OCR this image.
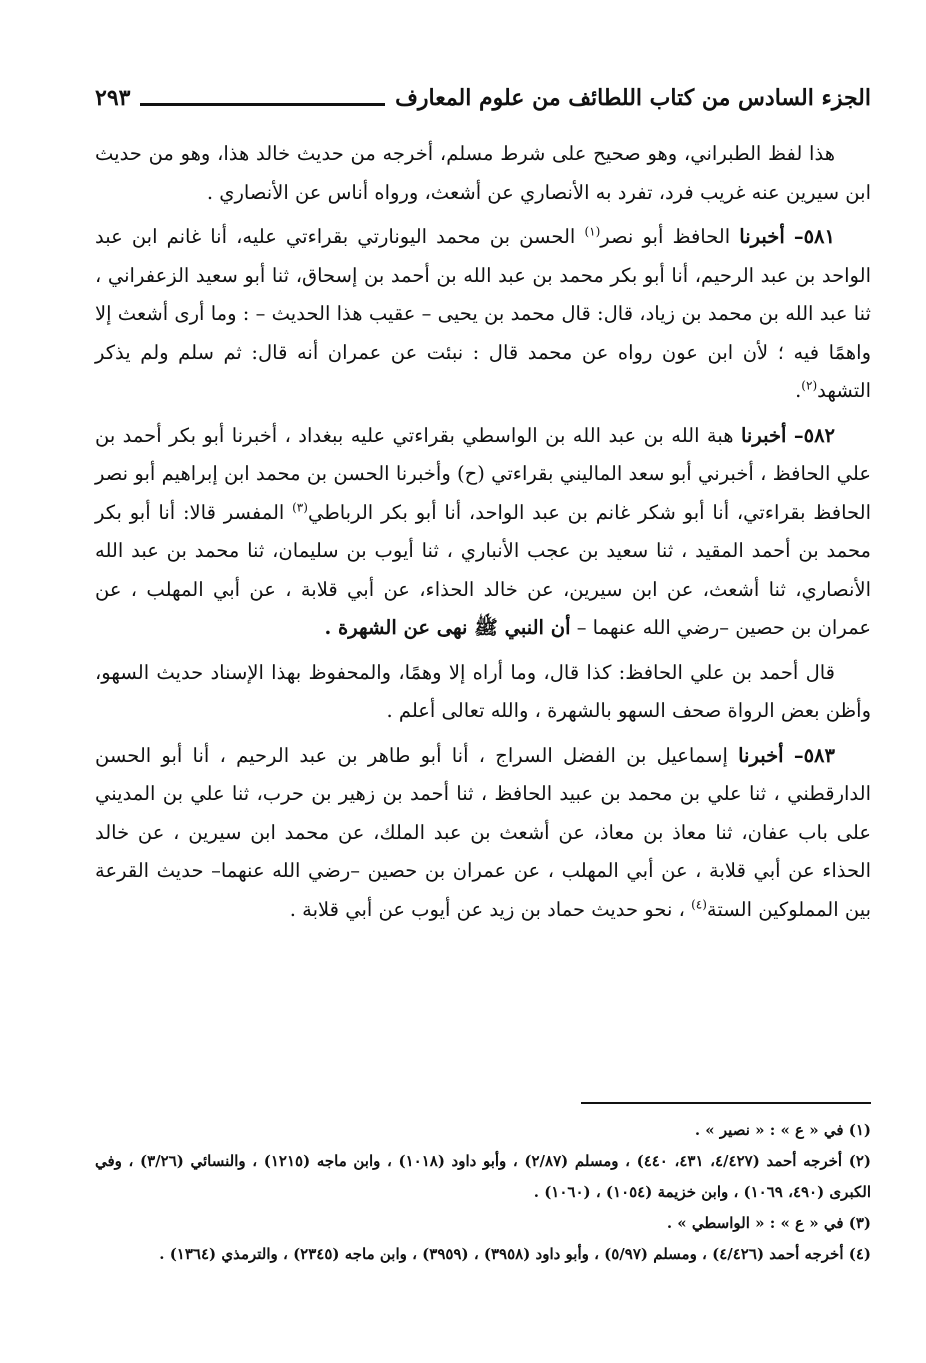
الجزء السادس من كتاب اللطائف من علوم المعارف
٢٩٣

هذا لفظ الطبراني، وهو صحيح على شرط مسلم، أخرجه من حديث خالد هذا، وهو من حديث ابن سيرين عنه غريب فرد، تفرد به الأنصاري عن أشعث، ورواه أناس عن الأنصاري .

٥٨١– أخبرنا الحافظ أبو نصر$^{(١)}$ الحسن بن محمد اليونارتي بقراءتي عليه، أنا غانم ابن عبد الواحد بن عبد الرحيم، أنا أبو بكر محمد بن عبد الله بن أحمد بن إسحاق، ثنا أبو سعيد الزعفراني ، ثنا عبد الله بن محمد بن زياد، قال: قال محمد بن يحيى – عقيب هذا الحديث – : وما أرى أشعث إلا واهمًا فيه ؛ لأن ابن عون رواه عن محمد قال : نبئت عن عمران أنه قال: ثم سلم ولم يذكر التشهد$^{(٢)}$.

٥٨٢– أخبرنا هبة الله بن عبد الله بن الواسطي بقراءتي عليه ببغداد ، أخبرنا أبو بكر أحمد بن علي الحافظ ، أخبرني أبو سعد الماليني بقراءتي (ح) وأخبرنا الحسن بن محمد ابن إبراهيم أبو نصر الحافظ بقراءتي، أنا أبو شكر غانم بن عبد الواحد، أنا أبو بكر الرباطي$^{(٣)}$ المفسر قالا: أنا أبو بكر محمد بن أحمد المقيد ، ثنا سعيد بن عجب الأنباري ، ثنا أيوب بن سليمان، ثنا محمد بن عبد الله الأنصاري، ثنا أشعث، عن ابن سيرين، عن خالد الحذاء، عن أبي قلابة ، عن أبي المهلب ، عن عمران بن حصين –رضي الله عنهما – أن النبي ﷺ نهى عن الشهرة .

قال أحمد بن علي الحافظ: كذا قال، وما أراه إلا وهمًا، والمحفوظ بهذا الإسناد حديث السهو، وأظن بعض الرواة صحف السهو بالشهرة ، والله تعالى أعلم .

٥٨٣– أخبرنا إسماعيل بن الفضل السراج ، أنا أبو طاهر بن عبد الرحيم ، أنا أبو الحسن الدارقطني ، ثنا علي بن محمد بن عبيد الحافظ ، ثنا أحمد بن زهير بن حرب، ثنا علي بن المديني على باب عفان، ثنا معاذ بن معاذ، عن أشعث بن عبد الملك، عن محمد ابن سيرين ، عن خالد الحذاء عن أبي قلابة ، عن أبي المهلب ، عن عمران بن حصين –رضي الله عنهما– حديث القرعة بين المملوكين الستة$^{(٤)}$ ، نحو حديث حماد بن زيد عن أيوب عن أبي قلابة .

(١) في « ع » : « نصير » .

(٢) أخرجه أحمد (٤/٤٢٧، ٤٣١، ٤٤٠) ، ومسلم (٢/٨٧) ، وأبو داود (١٠١٨) ، وابن ماجه (١٢١٥) ، والنسائي (٣/٢٦) ، وفي الكبرى (٤٩٠، ١٠٦٩) ، وابن خزيمة (١٠٥٤) ، (١٠٦٠) .

(٣) في « ع » : « الواسطي » .

(٤) أخرجه أحمد (٤/٤٢٦) ، ومسلم (٥/٩٧) ، وأبو داود (٣٩٥٨) ، (٣٩٥٩) ، وابن ماجه (٢٣٤٥) ، والترمذي (١٣٦٤) .
